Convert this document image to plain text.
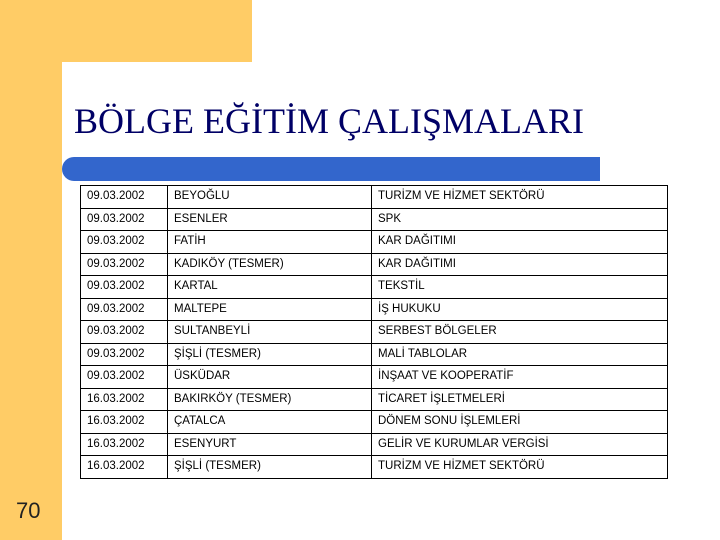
BÖLGE EĞİTİM ÇALIŞMALARI
09.03.2002	BEYOĞLU	TURİZM VE HİZMET SEKTÖRÜ
09.03.2002	ESENLER	SPK
09.03.2002	FATİH	KAR DAĞITIMI
09.03.2002	KADIKÖY (TESMER)	KAR DAĞITIMI
09.03.2002	KARTAL	TEKSTİL
09.03.2002	MALTEPE	İŞ HUKUKU
09.03.2002	SULTANBEYLİ	SERBEST BÖLGELER
09.03.2002	ŞİŞLİ (TESMER)	MALİ TABLOLAR
09.03.2002	ÜSKÜDAR	İNŞAAT VE KOOPERATİF
16.03.2002	BAKIRKÖY (TESMER)	TİCARET İŞLETMELERİ
16.03.2002	ÇATALCA	DÖNEM SONU İŞLEMLERİ
16.03.2002	ESENYURT	GELİR VE KURUMLAR VERGİSİ
16.03.2002	ŞİŞLİ (TESMER)	TURİZM VE HİZMET SEKTÖRÜ
70
